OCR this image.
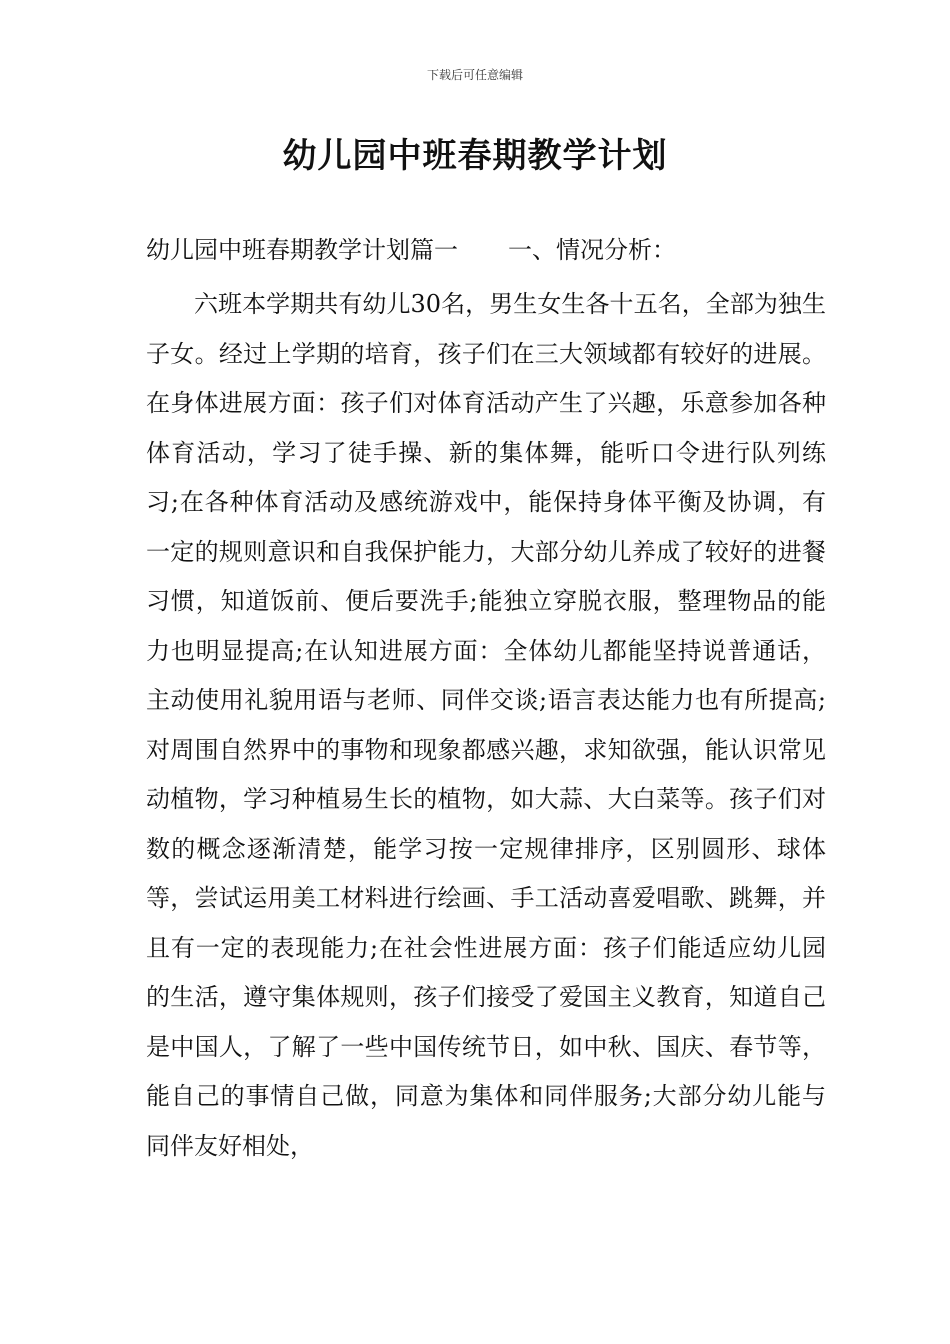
下载后可任意编辑
幼儿园中班春期教学计划
幼儿园中班春期教学计划篇一 一、情况分析：

六班本学期共有幼儿30名，男生女生各十五名，全部为独生子女。经过上学期的培育，孩子们在三大领域都有较好的进展。在身体进展方面：孩子们对体育活动产生了兴趣，乐意参加各种体育活动，学习了徒手操、新的集体舞，能听口令进行队列练习;在各种体育活动及感统游戏中，能保持身体平衡及协调，有一定的规则意识和自我保护能力，大部分幼儿养成了较好的进餐习惯，知道饭前、便后要洗手;能独立穿脱衣服，整理物品的能力也明显提高;在认知进展方面：全体幼儿都能坚持说普通话，主动使用礼貌用语与老师、同伴交谈;语言表达能力也有所提高;对周围自然界中的事物和现象都感兴趣，求知欲强，能认识常见动植物，学习种植易生长的植物，如大蒜、大白菜等。孩子们对数的概念逐渐清楚，能学习按一定规律排序，区别圆形、球体等，尝试运用美工材料进行绘画、手工活动喜爱唱歌、跳舞，并且有一定的表现能力;在社会性进展方面：孩子们能适应幼儿园的生活，遵守集体规则，孩子们接受了爱国主义教育，知道自己是中国人，了解了一些中国传统节日，如中秋、国庆、春节等，能自己的事情自己做，同意为集体和同伴服务;大部分幼儿能与同伴友好相处，
